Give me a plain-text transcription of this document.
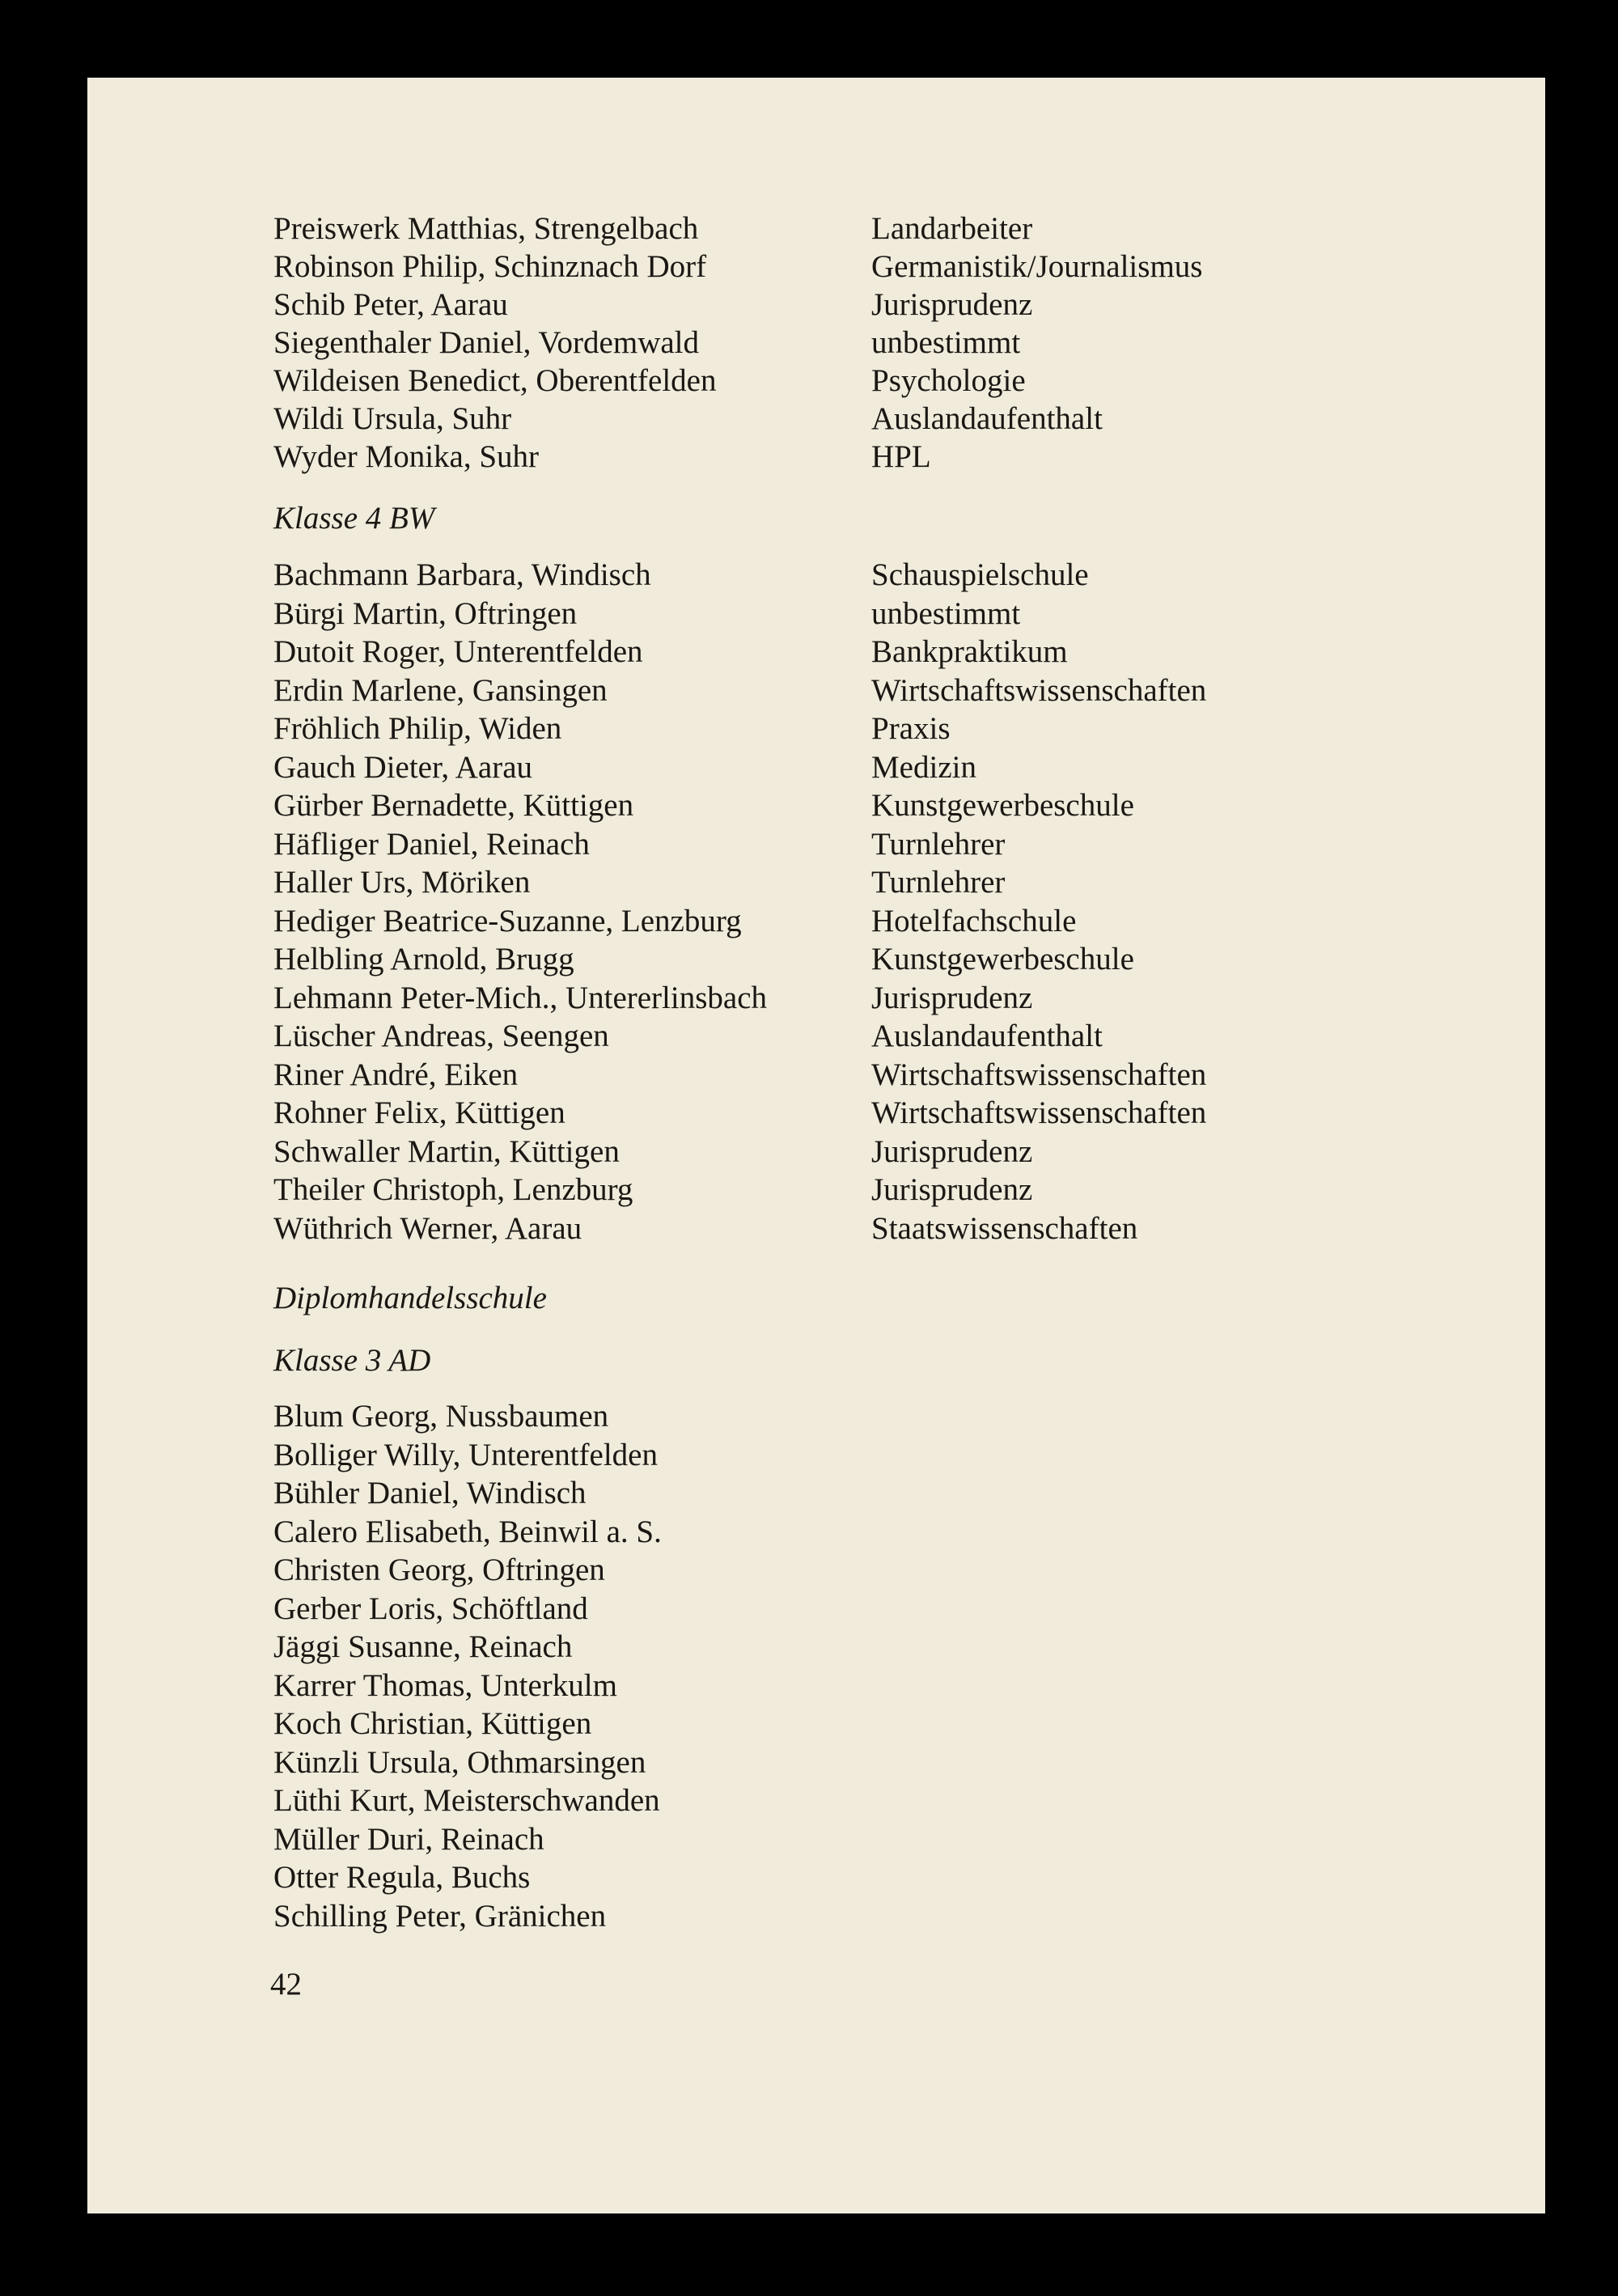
Preiswerk Matthias, Strengelbach	Landarbeiter
Robinson Philip, Schinznach Dorf	Germanistik/Journalismus
Schib Peter, Aarau	Jurisprudenz
Siegenthaler Daniel, Vordemwald	unbestimmt
Wildeisen Benedict, Oberentfelden	Psychologie
Wildi Ursula, Suhr	Auslandaufenthalt
Wyder Monika, Suhr	HPL
Klasse 4 BW
Bachmann Barbara, Windisch	Schauspielschule
Bürgi Martin, Oftringen	unbestimmt
Dutoit Roger, Unterentfelden	Bankpraktikum
Erdin Marlene, Gansingen	Wirtschaftswissenschaften
Fröhlich Philip, Widen	Praxis
Gauch Dieter, Aarau	Medizin
Gürber Bernadette, Küttigen	Kunstgewerbeschule
Häfliger Daniel, Reinach	Turnlehrer
Haller Urs, Möriken	Turnlehrer
Hediger Beatrice-Suzanne, Lenzburg	Hotelfachschule
Helbling Arnold, Brugg	Kunstgewerbeschule
Lehmann Peter-Mich., Untererlinsbach	Jurisprudenz
Lüscher Andreas, Seengen	Auslandaufenthalt
Riner André, Eiken	Wirtschaftswissenschaften
Rohner Felix, Küttigen	Wirtschaftswissenschaften
Schwaller Martin, Küttigen	Jurisprudenz
Theiler Christoph, Lenzburg	Jurisprudenz
Wüthrich Werner, Aarau	Staatswissenschaften
Diplomhandelsschule
Klasse 3 AD
Blum Georg, Nussbaumen
Bolliger Willy, Unterentfelden
Bühler Daniel, Windisch
Calero Elisabeth, Beinwil a. S.
Christen Georg, Oftringen
Gerber Loris, Schöftland
Jäggi Susanne, Reinach
Karrer Thomas, Unterkulm
Koch Christian, Küttigen
Künzli Ursula, Othmarsingen
Lüthi Kurt, Meisterschwanden
Müller Duri, Reinach
Otter Regula, Buchs
Schilling Peter, Gränichen
42
